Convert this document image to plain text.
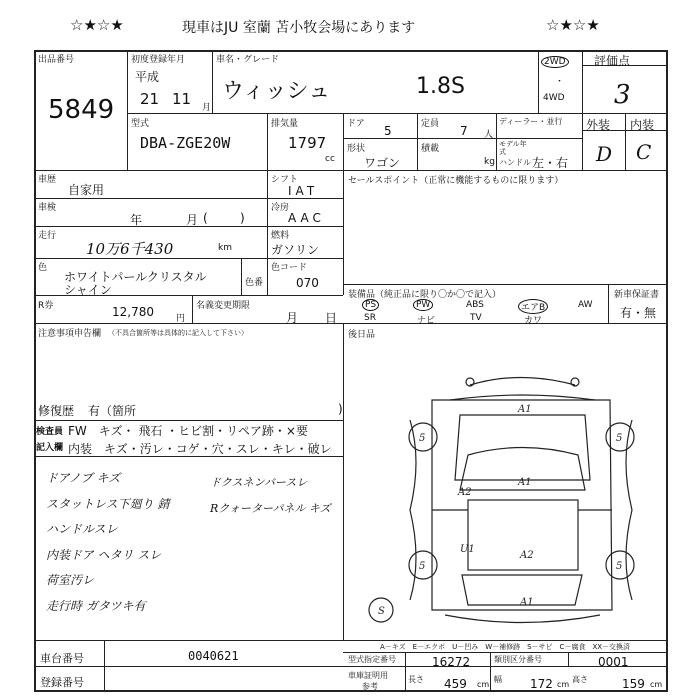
☆★☆★	現車はJU 室蘭 苫小牧会場にあります	☆★☆★
出品番号
5849
初度登録年月
平成
21 11 月
車名・グレード
ウィッシュ	1.8S
2WD
・
4WD
評価点
3
型式
DBA-ZGE20W
排気量
1797
cc
ドア 5	定員 7 人
ディーラー・並行
形状
ワゴン
積載
kg
モデル年式
ハンドル 左・右
外装 内装
D C
車歴
自家用
車検
年	月 (	)
走行
10万6千430	km
シフト
IAT
冷房
AAC
燃料
ガソリン
色
ホワイトパールクリスタル
シャイン	色番
色コード
070
R券	12,780 円
名義変更期限
月 日
セールスポイント（正常に機能するものに限ります）
装備品（純正品に限り〇か〇で記入）	新車保証書
有・無
PS	PW	ABS	エアB	AW
SR	ナビ	TV	カワ
後日品
注意事項申告欄 （不具合箇所等は具体的に記入して下さい）
修復歴 有（箇所	)
検査員
記入欄
FW　キズ・ 飛石 ・ヒビ割・リペア跡・×要
内装　キズ・汚レ・コゲ・穴・スレ・キレ・破レ
ドアノブ キズ
スタットレス下廻り 錆
ハンドルスレ
内装ドア ヘタリ スレ
荷室汚レ
走行時 ガタツキ有
ドクスネンバースレ
Rクォーターパネル キズ
5	5
5	5
A1
A1
A2
A2
A1
U1
S
A－キズ　E－エクボ　U－凹み　W－補修跡　S－サビ　C－腐食　XX－交換済
車台番号	0040621
登録番号
型式指定番号	16272	類別区分番号	0001
車庫証明用
参考
長さ 459 cm
幅 172 cm
高さ	159 cm
